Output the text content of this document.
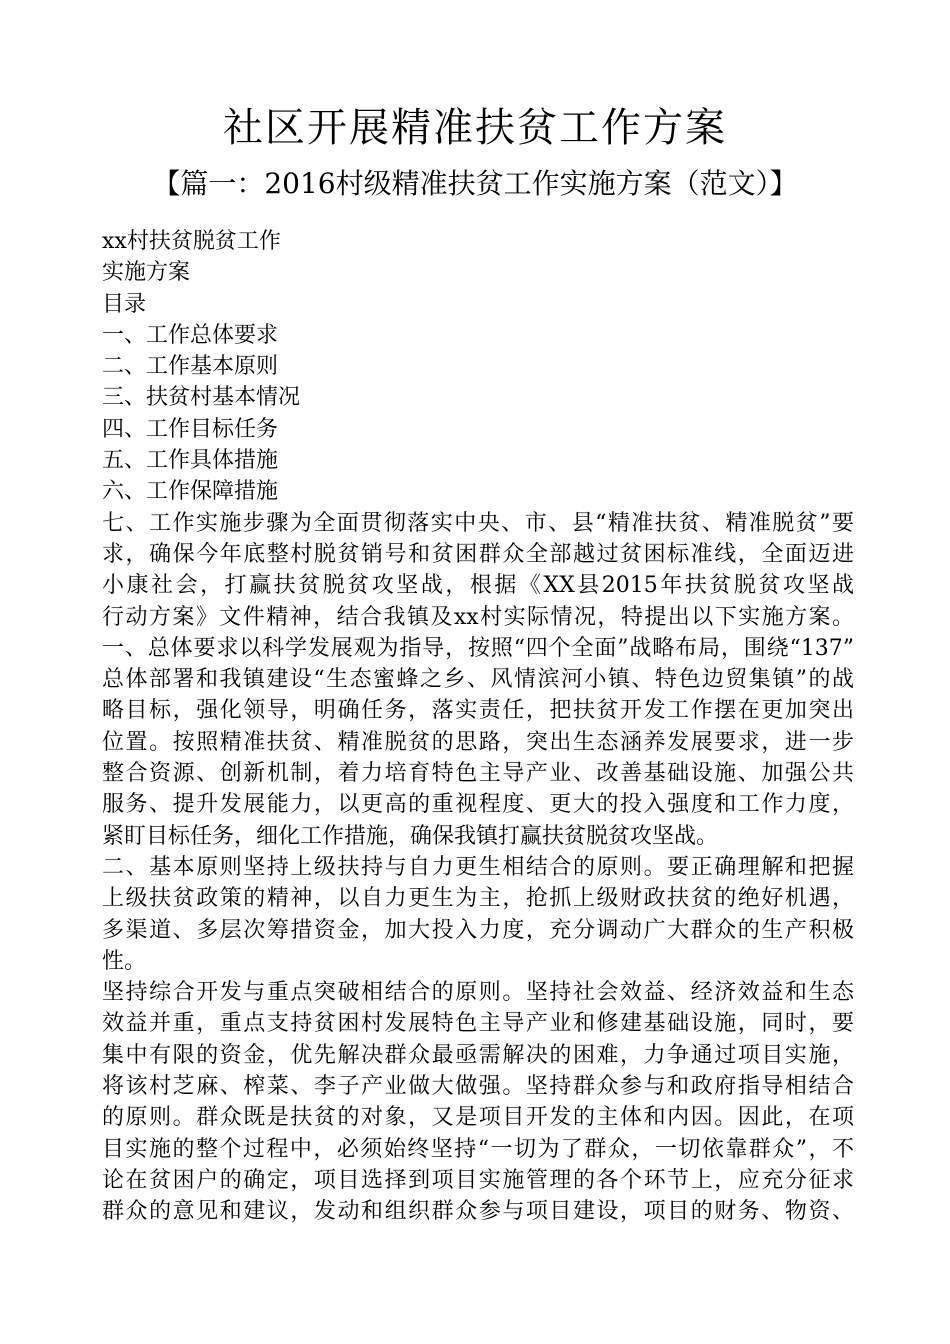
社区开展精准扶贫工作方案
【篇一：2016村级精准扶贫工作实施方案（范文）】
xx村扶贫脱贫工作
实施方案
目录
一、工作总体要求
二、工作基本原则
三、扶贫村基本情况
四、工作目标任务
五、工作具体措施
六、工作保障措施
七、工作实施步骤为全面贯彻落实中央、市、县“精准扶贫、精准脱贫”要
求，确保今年底整村脱贫销号和贫困群众全部越过贫困标准线，全面迈进
小康社会，打赢扶贫脱贫攻坚战，根据《XX县2015年扶贫脱贫攻坚战
行动方案》文件精神，结合我镇及xx村实际情况，特提出以下实施方案。
一、总体要求以科学发展观为指导，按照“四个全面”战略布局，围绕“137”
总体部署和我镇建设“生态蜜蜂之乡、风情滨河小镇、特色边贸集镇”的战
略目标，强化领导，明确任务，落实责任，把扶贫开发工作摆在更加突出
位置。按照精准扶贫、精准脱贫的思路，突出生态涵养发展要求，进一步
整合资源、创新机制，着力培育特色主导产业、改善基础设施、加强公共
服务、提升发展能力，以更高的重视程度、更大的投入强度和工作力度，
紧盯目标任务，细化工作措施，确保我镇打赢扶贫脱贫攻坚战。
二、基本原则坚持上级扶持与自力更生相结合的原则。要正确理解和把握
上级扶贫政策的精神，以自力更生为主，抢抓上级财政扶贫的绝好机遇，
多渠道、多层次筹措资金，加大投入力度，充分调动广大群众的生产积极
性。
坚持综合开发与重点突破相结合的原则。坚持社会效益、经济效益和生态
效益并重，重点支持贫困村发展特色主导产业和修建基础设施，同时，要
集中有限的资金，优先解决群众最亟需解决的困难，力争通过项目实施，
将该村芝麻、榨菜、李子产业做大做强。坚持群众参与和政府指导相结合
的原则。群众既是扶贫的对象，又是项目开发的主体和内因。因此，在项
目实施的整个过程中，必须始终坚持“一切为了群众，一切依靠群众”，不
论在贫困户的确定，项目选择到项目实施管理的各个环节上，应充分征求
群众的意见和建议，发动和组织群众参与项目建设，项目的财务、物资、
